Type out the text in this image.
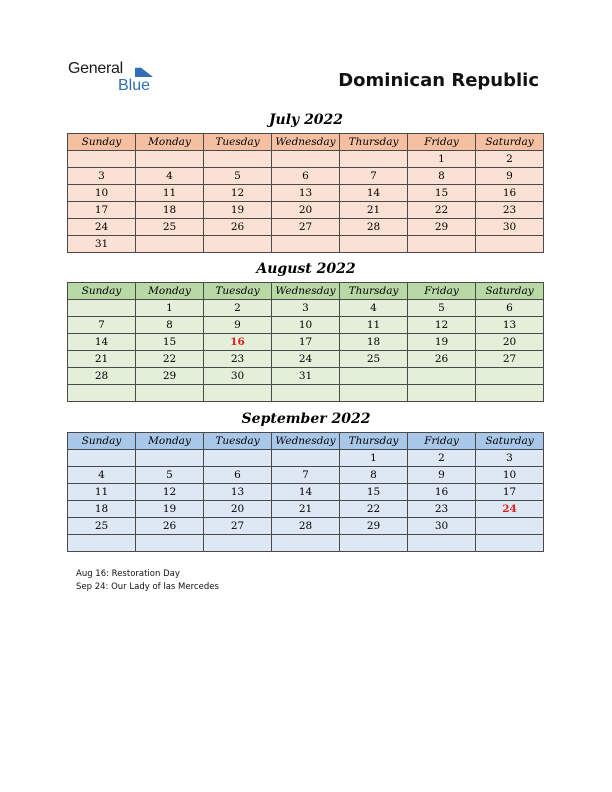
General
Blue	Dominican Republic
July 2022
Sunday	Monday	Tuesday	Wednesday	Thursday	Friday	Saturday
					1	2
3	4	5	6	7	8	9
10	11	12	13	14	15	16
17	18	19	20	21	22	23
24	25	26	27	28	29	30
31						
August 2022
Sunday	Monday	Tuesday	Wednesday	Thursday	Friday	Saturday
	1	2	3	4	5	6
7	8	9	10	11	12	13
14	15	16	17	18	19	20
21	22	23	24	25	26	27
28	29	30	31			

September 2022
Sunday	Monday	Tuesday	Wednesday	Thursday	Friday	Saturday
				1	2	3
4	5	6	7	8	9	10
11	12	13	14	15	16	17
18	19	20	21	22	23	24
25	26	27	28	29	30	

Aug 16: Restoration Day
Sep 24: Our Lady of las Mercedes
